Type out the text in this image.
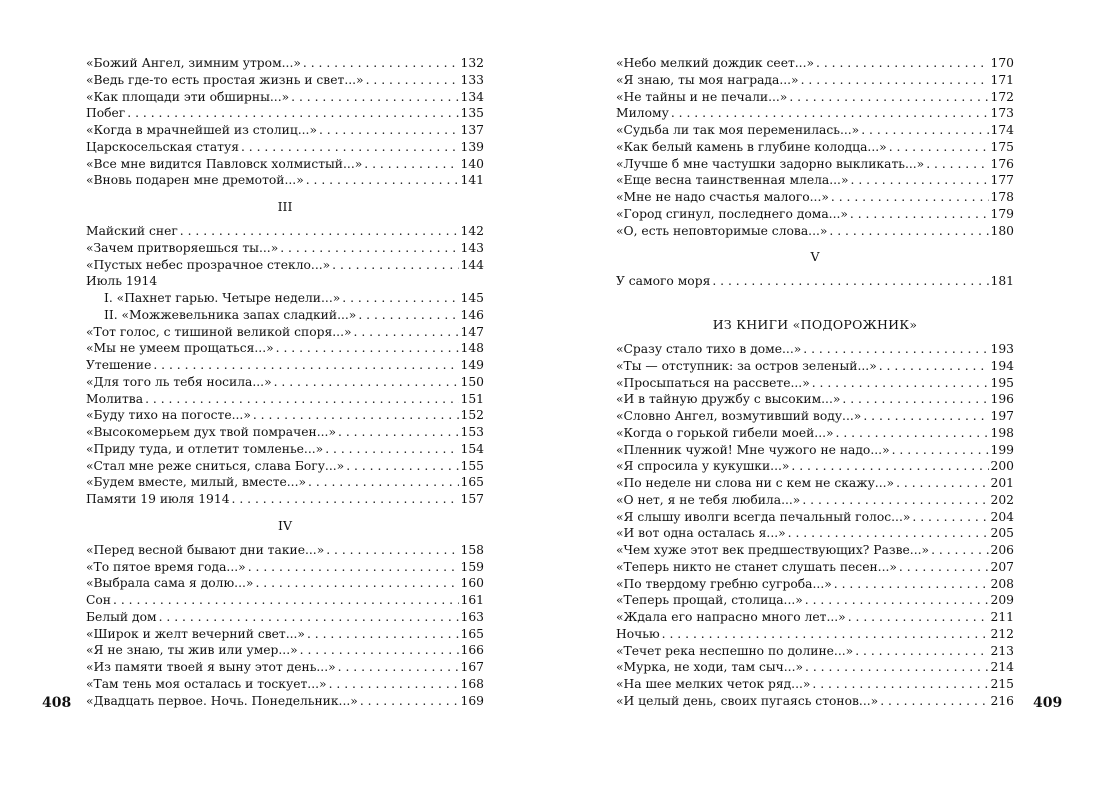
«Божий Ангел, зимним утром...» . . .	132
«Ведь где-то есть простая жизнь и свет...» . . .	133
«Как площади эти обширны...» . . .	134
Побег . . .	135
«Когда в мрачнейшей из столиц...» . . .	137
Царскосельская статуя . . .	139
«Все мне видится Павловск холмистый...» . . .	140
«Вновь подарен мне дремотой...» . . .	141
III
Майский снег . . .	142
«Зачем притворяешься ты...» . . .	143
«Пустых небес прозрачное стекло...» . . .	144
Июль 1914
I. «Пахнет гарью. Четыре недели...» . . .	145
II. «Можжевельника запах сладкий...» . . .	146
«Тот голос, с тишиной великой споря...» . . .	147
«Мы не умеем прощаться...» . . .	148
Утешение . . .	149
«Для того ль тебя носила...» . . .	150
Молитва . . .	151
«Буду тихо на погосте...» . . .	152
«Высокомерьем дух твой помрачен...» . . .	153
«Приду туда, и отлетит томленье...» . . .	154
«Стал мне реже сниться, слава Богу...» . . .	155
«Будем вместе, милый, вместе...» . . .	165
Памяти 19 июля 1914 . . .	157
IV
«Перед весной бывают дни такие...» . . .	158
«То пятое время года...» . . .	159
«Выбрала сама я долю...» . . .	160
Сон . . .	161
Белый дом . . .	163
«Широк и желт вечерний свет...» . . .	165
«Я не знаю, ты жив или умер...» . . .	166
«Из памяти твоей я выну этот день...» . . .	167
«Там тень моя осталась и тоскует...» . . .	168
«Двадцать первое. Ночь. Понедельник...» . . .	169
«Небо мелкий дождик сеет...» . . .	170
«Я знаю, ты моя награда...» . . .	171
«Не тайны и не печали...» . . .	172
Милому . . .	173
«Судьба ли так моя переменилась...» . . .	174
«Как белый камень в глубине колодца...» . . .	175
«Лучше б мне частушки задорно выкликать...» . . .	176
«Еще весна таинственная млела...» . . .	177
«Мне не надо счастья малого...» . . .	178
«Город сгинул, последнего дома...» . . .	179
«О, есть неповторимые слова...» . . .	180
V
У самого моря . . .	181
ИЗ КНИГИ «ПОДОРОЖНИК»
«Сразу стало тихо в доме...» . . .	193
«Ты — отступник: за остров зеленый...» . . .	194
«Просыпаться на рассвете...» . . .	195
«И в тайную дружбу с высоким...» . . .	196
«Словно Ангел, возмутивший воду...» . . .	197
«Когда о горькой гибели моей...» . . .	198
«Пленник чужой! Мне чужого не надо...» . . .	199
«Я спросила у кукушки...» . . .	200
«По неделе ни слова ни с кем не скажу...» . . .	201
«О нет, я не тебя любила...» . . .	202
«Я слышу иволги всегда печальный голос...» . . .	204
«И вот одна осталась я...» . . .	205
«Чем хуже этот век предшествующих? Разве...» . . .	206
«Теперь никто не станет слушать песен...» . . .	207
«По твердому гребню сугроба...» . . .	208
«Теперь прощай, столица...» . . .	209
«Ждала его напрасно много лет...» . . .	211
Ночью . . .	212
«Течет река неспешно по долине...» . . .	213
«Мурка, не ходи, там сыч...» . . .	214
«На шее мелких четок ряд...» . . .	215
«И целый день, своих пугаясь стонов...» . . .	216
408	409
